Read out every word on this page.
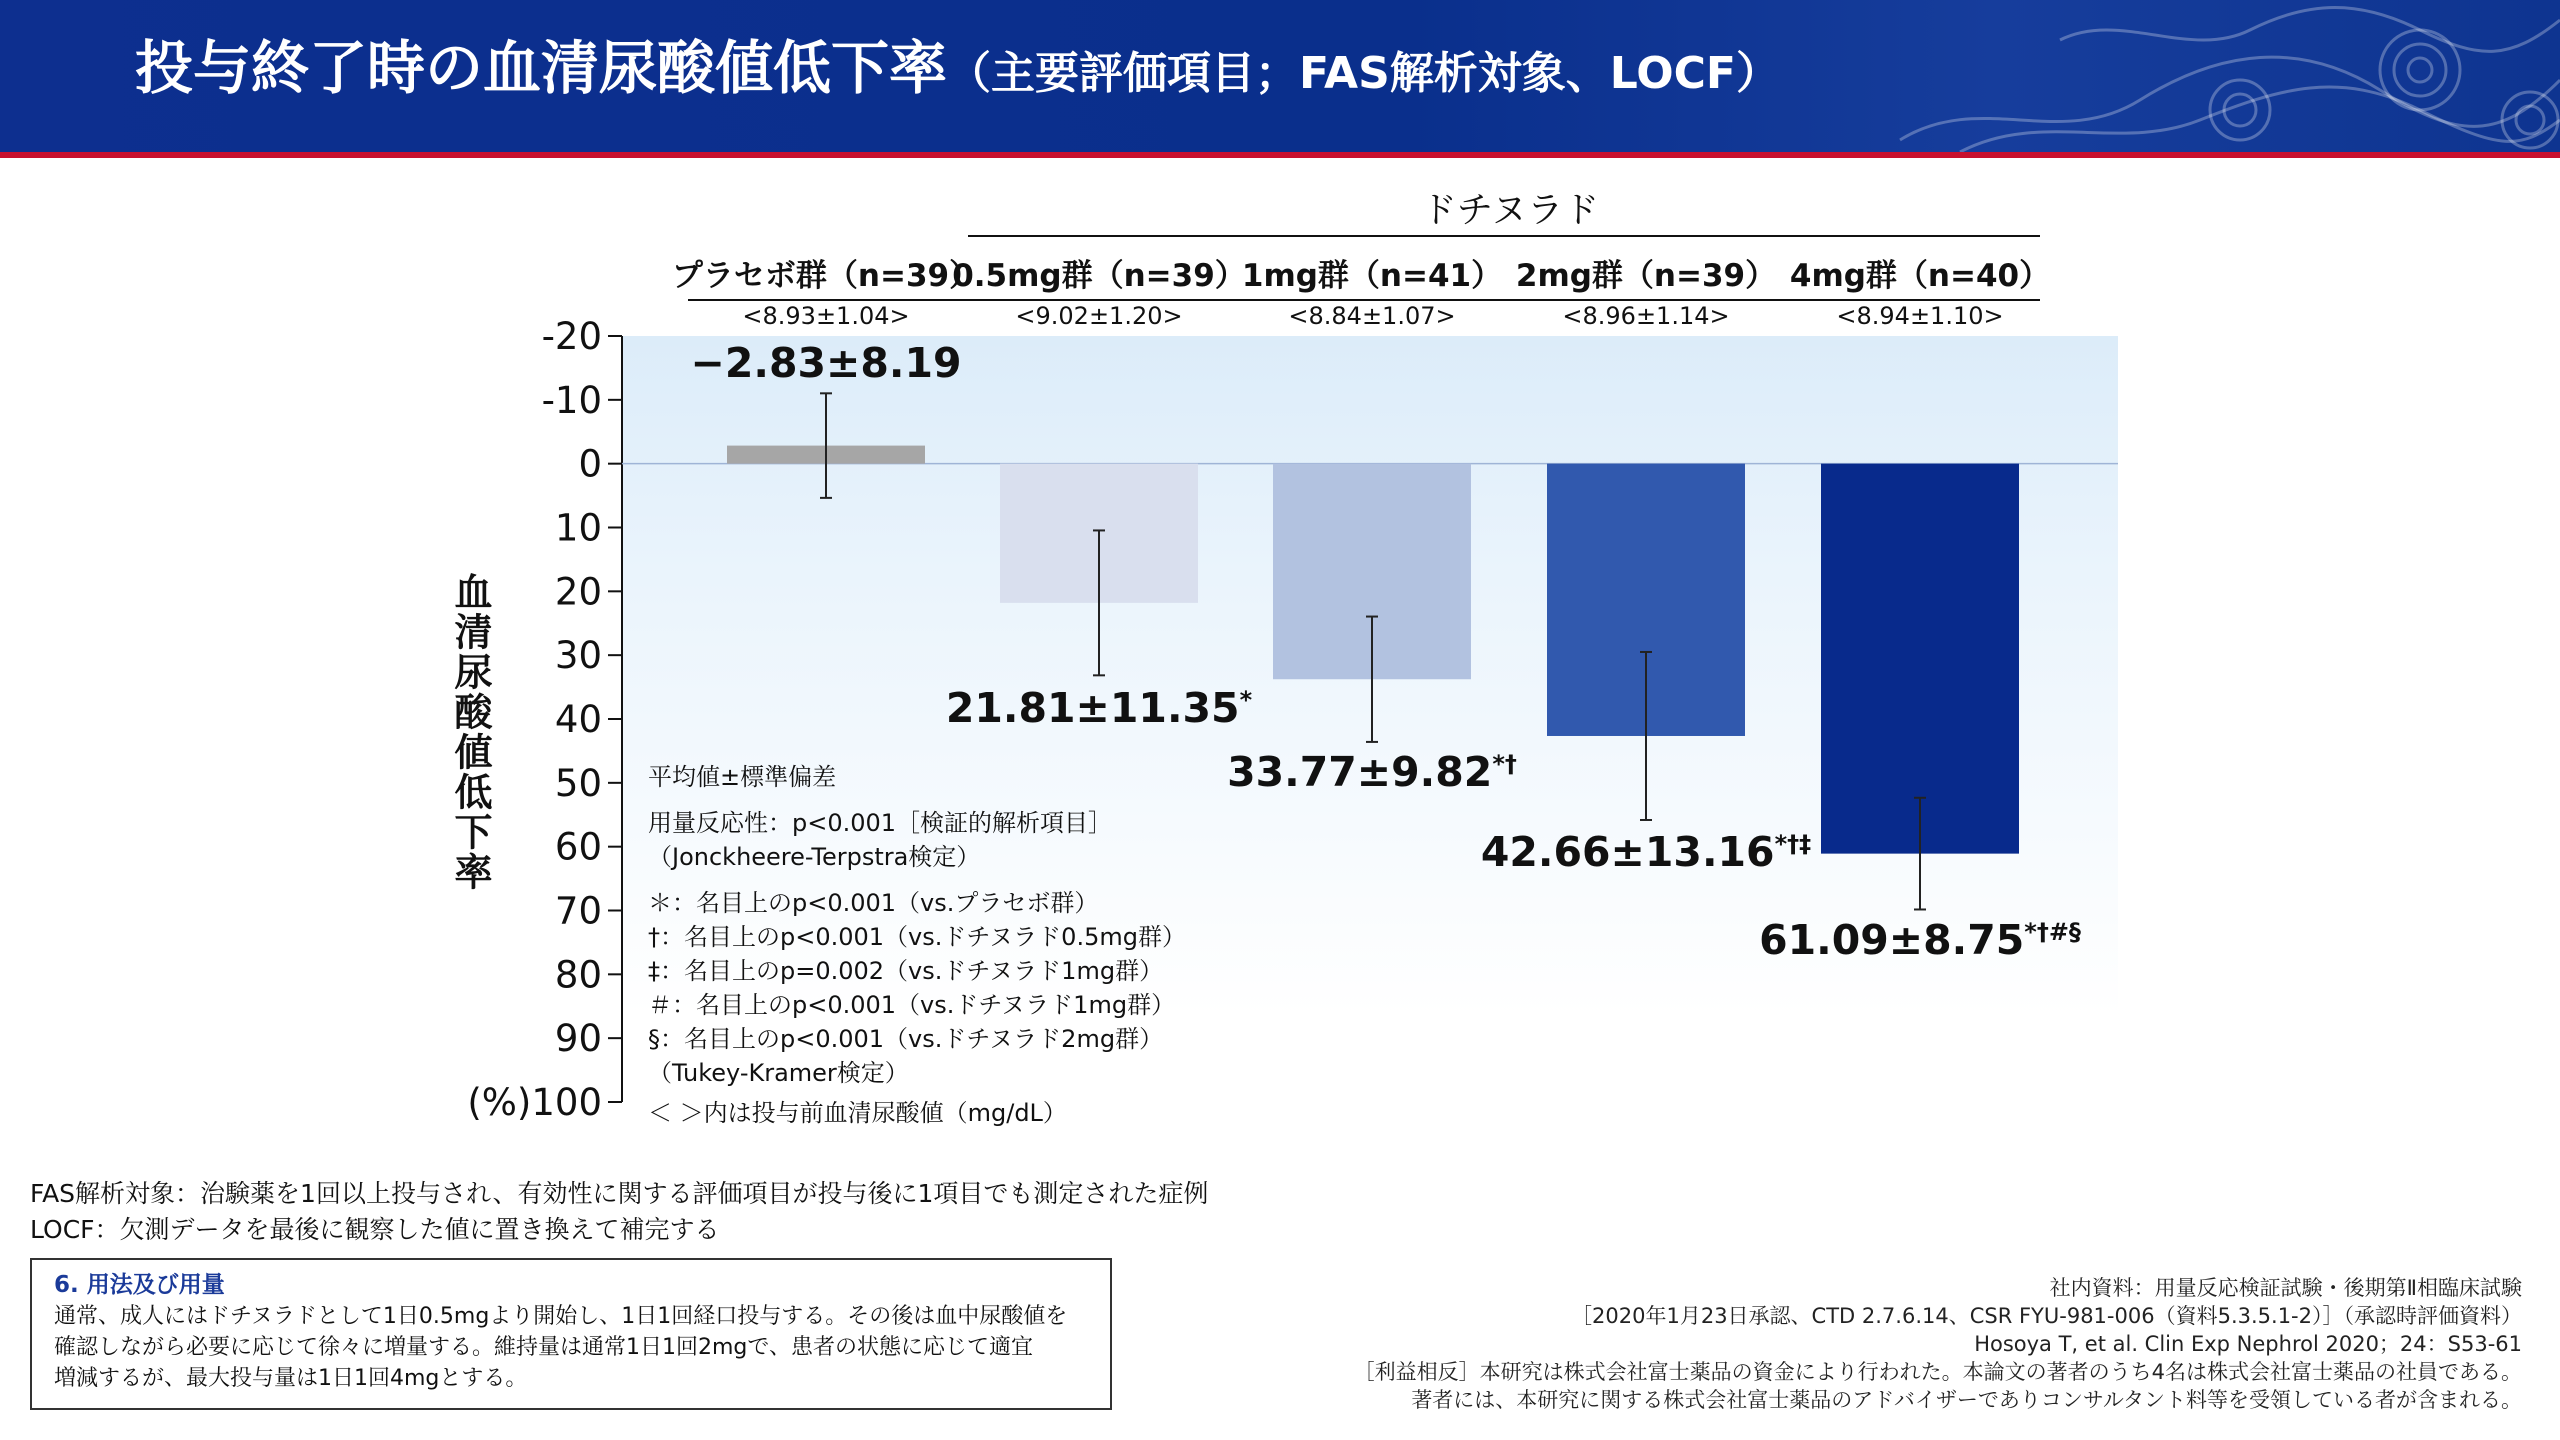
投与終了時の血清尿酸値低下率（主要評価項目；FAS解析対象、LOCF）
ドチヌラド
プラセボ群（n=39）
<8.93±1.04>
0.5mg群（n=39）
<9.02±1.20>
1mg群（n=41）
<8.84±1.07>
2mg群（n=39）
<8.96±1.14>
4mg群（n=40）
<8.94±1.10>
-20
-10
0
10
20
30
40
50
60
70
80
90
(%)100
−2.83±8.19
21.81±11.35*
33.77±9.82*†
42.66±13.16*†‡
61.09±8.75*†#§
血清尿酸値低下率	平均値±標準偏差
用量反応性：p<0.001［検証的解析項目］
（Jonckheere-Terpstra検定）
＊：名目上のp<0.001（vs.プラセボ群）
†：名目上のp<0.001（vs.ドチヌラド0.5mg群）
‡：名目上のp=0.002（vs.ドチヌラド1mg群）
＃：名目上のp<0.001（vs.ドチヌラド1mg群）
§：名目上のp<0.001（vs.ドチヌラド2mg群）
（Tukey-Kramer検定）
＜ ＞内は投与前血清尿酸値（mg/dL）
FAS解析対象：治験薬を1回以上投与され、有効性に関する評価項目が投与後に1項目でも測定された症例
LOCF：欠測データを最後に観察した値に置き換えて補完する
6. 用法及び用量
通常、成人にはドチヌラドとして1日0.5mgより開始し、1日1回経口投与する。その後は血中尿酸値を
確認しながら必要に応じて徐々に増量する。維持量は通常1日1回2mgで、患者の状態に応じて適宜
増減するが、最大投与量は1日1回4mgとする。
社内資料：用量反応検証試験・後期第Ⅱ相臨床試験
［2020年1月23日承認、CTD 2.7.6.14、CSR FYU-981-006（資料5.3.5.1-2）］（承認時評価資料）
Hosoya T, et al. Clin Exp Nephrol 2020；24：S53-61
［利益相反］本研究は株式会社富士薬品の資金により行われた。本論文の著者のうち4名は株式会社富士薬品の社員である。
著者には、本研究に関する株式会社富士薬品のアドバイザーでありコンサルタント料等を受領している者が含まれる。
